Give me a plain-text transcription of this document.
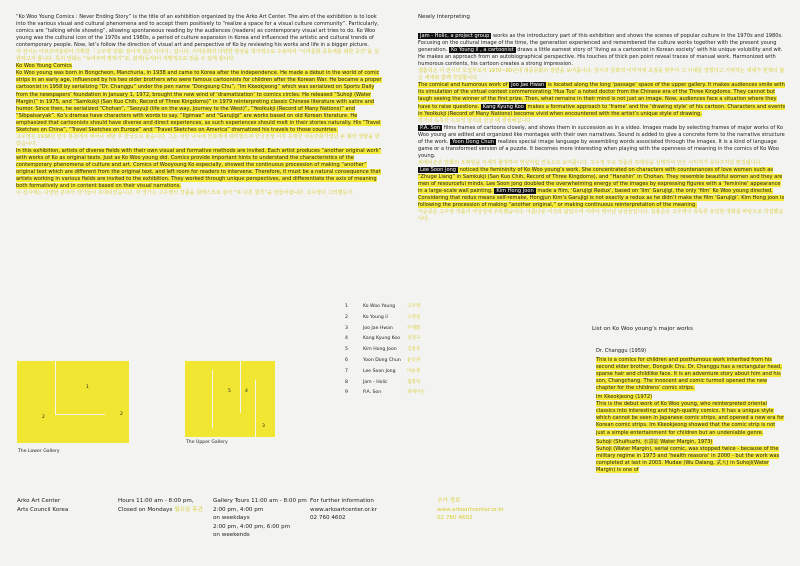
“Ko Woo Young Comics : Never Ending Story” is the title of an exhibition organized by the Arko Art Center. The aim of the exhibition is to look into the various visual and cultural phenomena and to accept them positively to “realize a space for a visual culture community”. Particularly, comics are “talking while showing”, allowing spontaneous reading by the audiences (readers) as contemporary visual art tries to do. Ko Woo young was the cultural icon of the 1970s and 1980s, a period of culture expansion in Korea and influenced the artistic and cultural trends of contemporary people. Now, let’s follow the direction of visual art and perspective of Ko by reviewing his works and life in a bigger picture.

이 전시는 아르코미술관이 기획한 「고우영 만화: 끝나지 않은 이야기」입니다. 시각문화의 다양한 현상을 적극적으로 수용하여 “시각문화 공동체를 위한 공간”을 실현하고자 합니다. 특히 만화는 “보여주며 말하기”로, 관객(독자)이 자발적으로 읽을 수 있게 합니다.

Ko Woo Young Comics

Ko Woo young was born in Bongcheon, Manchuria, in 1938 and came to Korea after the independence. He made a debut in the world of comic strips in an early age, influenced by his two older brothers who were famous cartoonists for children after the Korean War. He became a proper cartoonist in 1958 by serializing “Dr. Changgu” under the pen name “Dongsung Chu”, “Im Kkeokjeong” which was serialized on Sports Daily from the newspapers’ foundation in January 1, 1972, brought the new wind of ‘dramatization’ to comics circles. He released “Suhoji (Water Margin)” in 1975, and “Samkukji (San Kuo Chih, Record of Three Kingdoms)” in 1979 reinterpreting classic Chinese literature with satire and humor. Since then, he serialized “Chohan”, “Seoyuji (life on the way, Journey to the West)”, “Yeolkukji (Record of Many Nations)” and “Sibpalsaryak”. Ko’s dramas have characters with words to say. “Ilgimae” and “Garujigi” are works based on old Korean literature. He emphasized that cartoonists should have diverse and direct experiences, as such experiences should melt in their stories naturally. His “Travel Sketches on China”, “Travel Sketches on Europe” and “Travel Sketches on America” dramatized his travels to those countries.

고우영은 1938년 만주 봉천에서 태어나 해방 후 한국으로 왔습니다. 그는 어린 나이에 만화계에 데뷔했으며 한국전쟁 이후 유명한 아동만화가였던 두 형의 영향을 받았습니다.

In this exhibition, artists of diverse fields with their own visual and formative methods are invited. Each artist produces “another original work” with works of Ko as original texts. Just as Ko Woo young did. Comics provide important hints to understand the characteristics of the contemporary phenomena of culture and art. Comics of Wooyoung Ko especially, showed the continuous procession of making “another” original text which are different from the original text, and left room for readers to intervene. Therefore, it must be a natural consequence that artists working in various fields are invited to the exhibition. They worked through unique perspectives, and differentiate the axis of meaning both formatively and in content based on their visual narrations.

이 전시에는 다양한 분야의 작가들이 초대되었습니다. 각 작가는 고우영의 작품을 원텍스트로 삼아 “또 다른 원작”을 만들어냅니다. 고우영이 그러했듯이.

Newly Interpreting

Jam - Holic, a project group works as the introductory part of this exhibition and shows the scenes of popular culture in the 1970s and 1980s. Focusing on the cultural image of the time, the generation experienced and remembered the culture works together with the present young generation. Ko Young il , a cartoonist draws a little earnest story of ‘living as a cartoonist in Korean society’ with his unique volubility and wit. He makes an approach from an autobiographical perspective. His touches of thick pen point reveal traces of manual work. Harmonized with humorous contents, his cartoon creates a strong impression.

잼홀릭은 이 전시의 도입부로서 1970~80년대 대중문화의 장면을 보여줍니다. 당시의 문화적 이미지에 초점을 맞추어 그 시대를 경험하고 기억하는 세대가 현재의 젊은 세대와 함께 작업합니다.

The comical and humorous work of Joo Jae Hwan is located along the long ‘passage’ space of the upper gallery. It makes audiences smile with its simulation of the virtual contest commemorating ‘Hua Tuo’ a noted doctor from the Chinese era of the Three Kingdoms. They cannot but laugh seeing the winner of the first prize. Then, what remains in their mind is not just an image. Now, audiences face a situation where they have to raise questions. Kang Kyung Koo makes a formative approach to ‘frame’ and the ‘drawing style’ of his cartoon. Characters and events in Yeolkukji (Record of Many Nations) become vivid when encountered with the artist’s unique style of drawing.

작가의 독특한 드로잉 양식과 만날 때 생생해집니다.

P.A. Son films frames of cartoons closely, and shows them in succession as in a video. Images made by selecting frames of major works of Ko Woo young are edited and organized like montages with their own narratives. Sound is added to give a concrete form to the narrative structure of the work. Yoon Dong Chun realizes special image language by assembling words associated through the images. It is a kind of language game or a transformed version of a puzzle. It becomes more interesting when playing with the openness of meaning in the comics of Ko Woo young.

피에이손은 만화의 프레임을 자세히 촬영하여 영상처럼 연속으로 보여줍니다. 고우영 주요 작품의 프레임을 선택하여 만든 이미지가 몽타주처럼 편집됩니다.

Lee Soon Jong noticed the femininity of Ko Woo young’s work. She concentrated on characters with countenances of love women such as “Zhuge Liang” in Samkukji (San Kuo Chih, Record of Three Kingdoms), and “Hanshin” in Chohan. They resemble beautiful women and they are men of resourceful minds. Lee Soon jong doubled the overwhelming energy of the images by expressing figures with a ‘feminine’ appearance in a large-scale wall painting. Kim Hong Joon made a film, ‘Garujigi Redux’, based on ‘Ilm’ Garujigi, the only ‘film’ Ko Woo young directed. Considering that redux means self-remake, Hongjun Kim’s Garujigi is not exactly a redux as he didn’t make the film ‘Garujigi’. Kim Hong joon is following the procession of making “another original,” or making continuous reinterpretation of the meaning.

이순종은 고우영 작품의 여성성에 주목했습니다. 아름다운 여성과 닮았으며 지략이 뛰어난 남성들입니다. 김홍준은 고우영이 감독한 유일한 영화를 바탕으로 작업했습니다.

1
2
2
The Lower Gallery
5	4
3
The Upper Gallery
1	Ko Woo Young	고우영
2	Ko Young il	고영일
3	Joo Jae Hwan	주재환
4	Kang Kyung Koo 강경구
5	Kim Hong Joon 김홍준
6	Yoon Dong Chun 윤동천
7	Lee Soon Jong	이순종
8	Jam - Holic	잼홀릭
9	P.A. Son	피에이손
Arko Art Center
Arts Council Korea
Hours 11:00 am - 8:00 pm,
Closed on Mondays 월요일 휴관
Gallery Tours 11:00 am - 8:00 pm
2:00 pm, 4:00 pm
on weekdays
2:00 pm, 4:00 pm, 6:00 pm
on weekends
For further information
www.arkoartcenter.or.kr
02 760 4602
추가 정보
www.arkoartcenter.or.kr
02 760 4602
List on Ko Woo young’s major works

Dr. Changgu (1959)

This is a comics for children and posthumous work inherited from his second elder brother, Dongsik Chu. Dr. Changgu has a rectangular head, sparse hair and childlike face. It is an adventure story about him and his son, Changchang. The innocent and comic turmoil opened the new chapter for the childrens’ comic strips.

Im Kkeokjeong (1972)

This is the debut work of Ko Woo young, who reinterpreted oriental classics into interesting and high-quality comics. It has a unique style which cannot be seen in Japanese comic strips, and opened a new era for Korean comic strips. Im Kkeokjeong showed that the comic strip is not just a simple entertainment for children but an undeniable genre.

Suhoji (Shuihuzhi, 水滸誌 Water Margin, 1973)

Suhoji (Water Margin), serial comic, was stopped twice - because of the military regime in 1973 and ‘health reasons’ in 2000 - but the work was completed at last in 2003. Mudae (Wu Dalang, 武大) in Suhoji(Water Margin) is one of
